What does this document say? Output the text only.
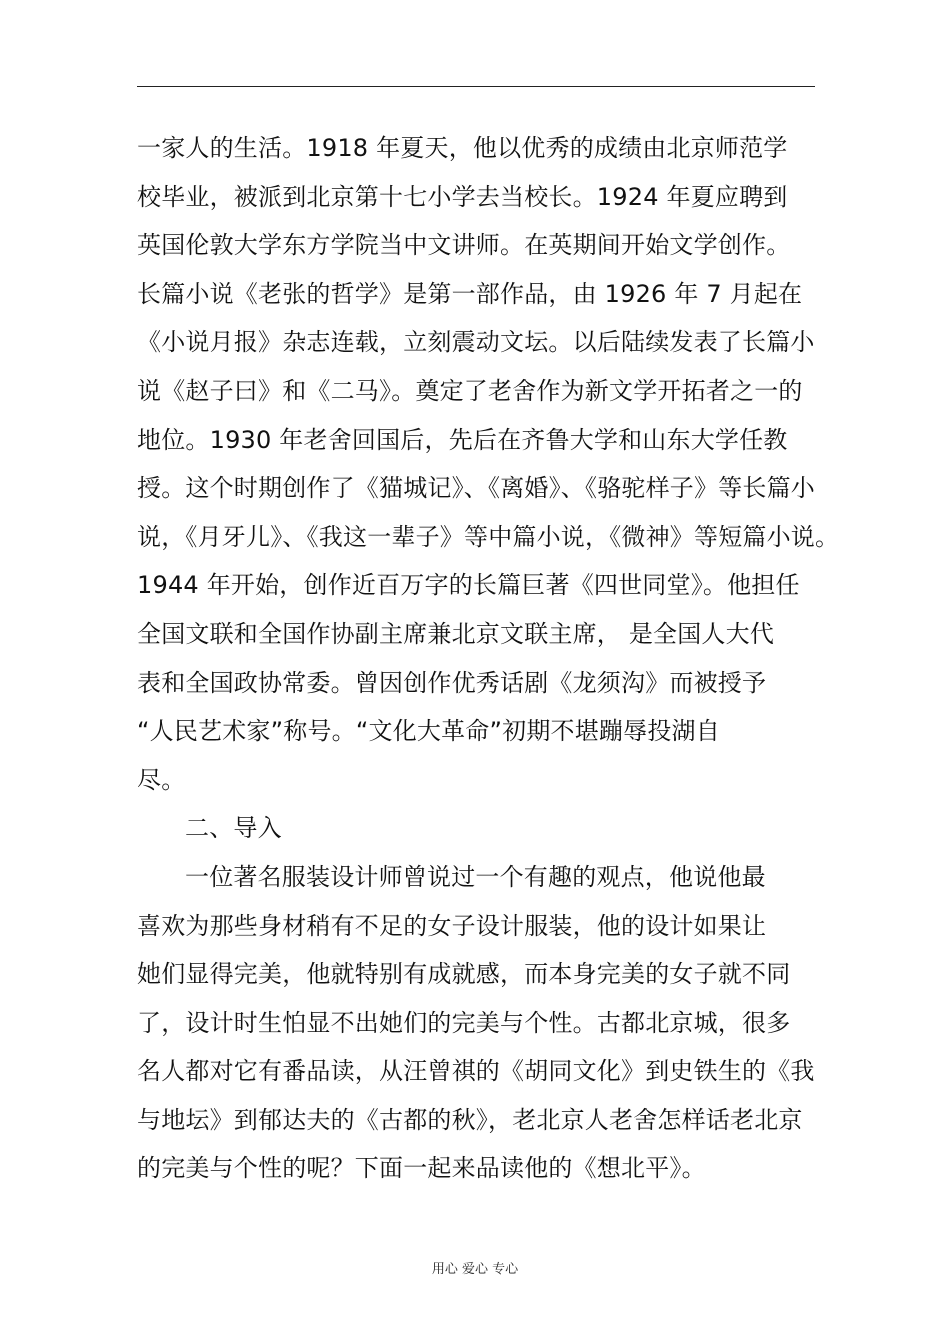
一家人的生活。1918 年夏天，他以优秀的成绩由北京师范学
校毕业，被派到北京第十七小学去当校长。1924 年夏应聘到
英国伦敦大学东方学院当中文讲师。在英期间开始文学创作。
长篇小说《老张的哲学》是第一部作品，由 1926 年 7 月起在
《小说月报》杂志连载，立刻震动文坛。以后陆续发表了长篇小
说《赵子曰》和《二马》。奠定了老舍作为新文学开拓者之一的
地位。1930 年老舍回国后，先后在齐鲁大学和山东大学任教
授。这个时期创作了《猫城记》、《离婚》、《骆驼样子》等长篇小
说，《月牙儿》、《我这一辈子》等中篇小说，《微神》等短篇小说。
1944 年开始，创作近百万字的长篇巨著《四世同堂》。他担任
全国文联和全国作协副主席兼北京文联主席， 是全国人大代
表和全国政协常委。曾因创作优秀话剧《龙须沟》而被授予
“人民艺术家”称号。“文化大革命”初期不堪蹦辱投湖自
尽。
二、导入
一位著名服装设计师曾说过一个有趣的观点，他说他最
喜欢为那些身材稍有不足的女子设计服装，他的设计如果让
她们显得完美，他就特别有成就感，而本身完美的女子就不同
了，设计时生怕显不出她们的完美与个性。古都北京城，很多
名人都对它有番品读，从汪曾祺的《胡同文化》到史铁生的《我
与地坛》到郁达夫的《古都的秋》，老北京人老舍怎样话老北京
的完美与个性的呢？下面一起来品读他的《想北平》。
用心 爱心 专心
